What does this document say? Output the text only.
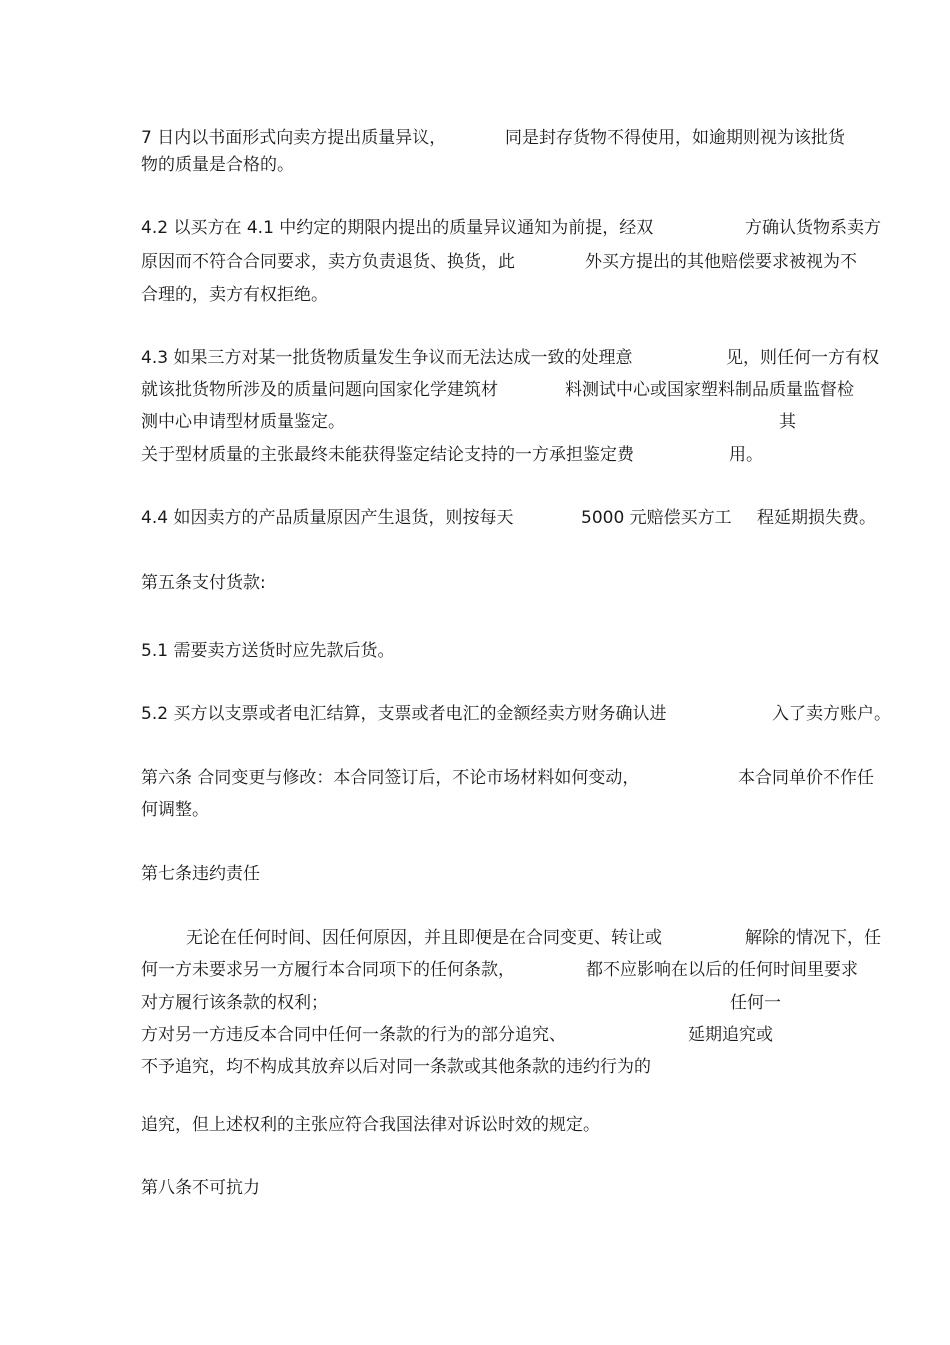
7 日内以书面形式向卖方提出质量异议，	同是封存货物不得使用，如逾期则视为该批货
物的质量是合格的。
4.2 以买方在 4.1 中约定的期限内提出的质量异议通知为前提，经双	方确认货物系卖方
原因而不符合合同要求，卖方负责退货、换货，此	外买方提出的其他赔偿要求被视为不
合理的，卖方有权拒绝。
4.3 如果三方对某一批货物质量发生争议而无法达成一致的处理意	见，则任何一方有权
就该批货物所涉及的质量问题向国家化学建筑材	料测试中心或国家塑料制品质量监督检
测中心申请型材质量鉴定。	其
关于型材质量的主张最终未能获得鉴定结论支持的一方承担鉴定费	用。
4.4 如因卖方的产品质量原因产生退货，则按每天	5000 元赔偿买方工 程延期损失费。
第五条支付货款:
5.1 需要卖方送货时应先款后货。
5.2 买方以支票或者电汇结算，支票或者电汇的金额经卖方财务确认进	入了卖方账户。
第六条 合同变更与修改：本合同签订后，不论市场材料如何变动，	本合同单价不作任
何调整。
第七条违约责任
无论在任何时间、因任何原因，并且即便是在合同变更、转让或	解除的情况下，任
何一方未要求另一方履行本合同项下的任何条款，	都不应影响在以后的任何时间里要求
对方履行该条款的权利；	任何一
方对另一方违反本合同中任何一条款的行为的部分追究、	延期追究或
不予追究，均不构成其放弃以后对同一条款或其他条款的违约行为的
追究，但上述权利的主张应符合我国法律对诉讼时效的规定。
第八条不可抗力
